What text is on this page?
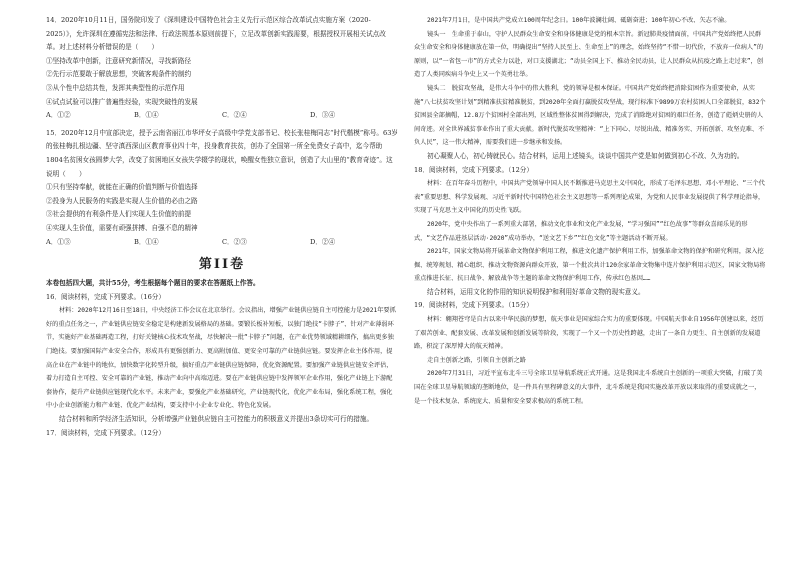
14．2020年10月11日，国务院印发了《深圳建设中国特色社会主义先行示范区综合改革试点实施方案（2020-2025）》，允许深圳在遵循宪法和法律、行政法规基本原则前提下，立足改革创新实践需要，根据授权开展相关试点改革。对上述材料分析错误的是（　　）

①坚持改革中创新，注意研究新情况，寻找新路径

②先行示范要敢于解放思想，突破客观条件的制约

③从个性中总结共性，发挥其典型性的示范作用

④试点试验可以推广普遍性经验，实现突破性的发展

A．①②	B．①④	C．②④	D．③④

15．2020年12月中宣部决定，授予云南省丽江市华坪女子高级中学党支部书记、校长张桂梅同志“时代楷模”称号。63岁的张桂梅扎根边疆、坚守滇西深山区教育事业四十年，投身教育扶贫，创办了全国第一所全免费女子高中，迄今帮助1804名贫困女孩圆梦大学，改变了贫困地区女孩失学辍学的现状，唤醒女性独立意识，创造了大山里的“教育奇迹”。这说明（　　）

①只有坚持奉献，就能在正确的价值判断与价值选择

②投身为人民服务的实践是实现人生价值的必由之路

③社会提供的有利条件是人们实现人生价值的前提

④实现人生价值，需要有顽强拼搏、自强不息的精神

A．①③	B．①④	C．②③	D．②④
第II卷

本卷包括四大题，共计55分，考生根据每个题目的要求在答题纸上作答。

16．阅读材料，完成下列要求。（16分）

材料：2020年12月16日至18日，中央经济工作会议在北京举行。会议指出，增强产业链供应链自主可控能力是2021年要抓好的重点任务之一，产业链供应链安全稳定是构建新发展格局的基础。要锻长板补短板，以独门绝技“卡脖子”、针对产业薄弱环节，实施好产业基础再造工程，打好关键核心技术攻坚战，尽快解决一批“卡脖子”问题，在产业优势领域精耕细作，搞出更多独门绝技。要加强国际产业安全合作，形成具有更强创新力、更高附加值、更安全可靠的产业链供应链。要发挥企业主体作用，提高企业在产业链中的地位，加快数字化转型升级，搞好重点产业链供应链保障，优化资源配置。要加强产业链供应链安全评估，着力打造自主可控、安全可靠的产业链，推动产业向中高端迈进。要在产业链供应链中发挥领军企业作用，强化产业链上下游配套协作，提升产业链供应链现代化水平。未来产业，要强化产业基础研究，产业链现代化，优化产业布局，强化系统工程，强化中小企业创新能力和产业链、优化产业结构，要支持中小企业专业化、特色化发展。

结合材料和所学经济生活知识，分析增强产业链供应链自主可控能力的积极意义并提出3条切实可行的措施。

17．阅读材料，完成下列要求。（12分）

2021年7月1日，是中国共产党成立100周年纪念日。100年波澜壮阔、砥砺奋进；100年初心不改、矢志不渝。

镜头一　生命重于泰山，守护人民群众生命安全和身体健康是党的根本宗旨。新冠肺炎疫情面前，中国共产党始终把人民群众生命安全和身体健康放在第一位，明确提出“坚持人民至上、生命至上”的理念，始终坚持“不惜一切代价，不放弃一位病人”的原则，以“一省包一市”的方式全力以赴，对口支援湖北；“动员全国上下、推动全民动员，让人民群众从抗疫之路上走过来”，创造了人类同疾病斗争史上又一个英勇壮举。

镜头二　脱贫攻坚战，是伟大斗争中的伟大胜利，党的领导是根本保证。中国共产党始终把消除贫困作为重要使命，从实施“八七扶贫攻坚计划”到精准扶贫精准脱贫，到2020年全面打赢脱贫攻坚战，现行标准下9899万农村贫困人口全部脱贫，832个贫困县全部摘帽，12.8万个贫困村全部出列，区域性整体贫困得到解决，完成了消除绝对贫困的艰巨任务，创造了彪炳史册的人间奇迹。对全世界减贫事业作出了重大贡献。新时代脱贫攻坚精神：“上下同心、尽锐出战、精准务实、开拓创新、攻坚克难、不负人民”，这一伟大精神，需要我们进一步继承和发扬。

初心凝聚人心，初心铸就民心。结合材料，运用上述镜头，谈谈中国共产党是如何做到初心不改、久为功的。

18．阅读材料，完成下列要求。（12分）

材料：在百年奋斗历程中，中国共产党领导中国人民不断推进马克思主义中国化，形成了毛泽东思想、邓小平理论、“三个代表”重要思想、科学发展观、习近平新时代中国特色社会主义思想等一系列理论成果，为党和人民事业发展提供了科学理论指导，实现了马克思主义中国化的历史性飞跃。

2020年，党中央作出了一系列重大部署，推动文化事业和文化产业发展，“学习强国”“红色故事”等群众喜闻乐见的形式，“文艺作品进基层活动·2020”成功举办，“送文艺下乡”“红色文化”等主题活动不断开展。

2021年，国家文物局将开展革命文物保护利用工程，推进文化遗产保护利用工作，加强革命文物的保护和研究利用，深入挖掘、统筹规划、精心组织、推动文物资源向群众开放，第一个批次共计120余家革命文物集中连片保护利用示范区，国家文物局将重点推进长征、抗日战争、解放战争等主题的革命文物保护利用工作，传承红色基因……

结合材料，运用文化的作用的知识说明保护和利用好革命文物的现实意义。

19．阅读材料，完成下列要求。（15分）

材料：翱翔苍穹是自古以来中华民族的梦想，航天事业是国家综合实力的重要体现。中国航天事业自1956年创建以来，经历了艰苦创业、配套发展、改革发展和创新发展等阶段，实现了一个又一个历史性跨越，走出了一条自力更生、自主创新的发展道路，积淀了深厚博大的航天精神。

走自主创新之路，引领自主创新之路

2020年7月31日，习近平宣布北斗三号全球卫星导航系统正式开通。这是我国北斗系统自主创新的一项重大突破，打破了美国在全球卫星导航领域的垄断地位，是一件具有里程碑意义的大事件，北斗系统是我国实施改革开放以来取得的重要成就之一，是一个技术复杂、系统庞大、质量和安全要求极高的系统工程。
